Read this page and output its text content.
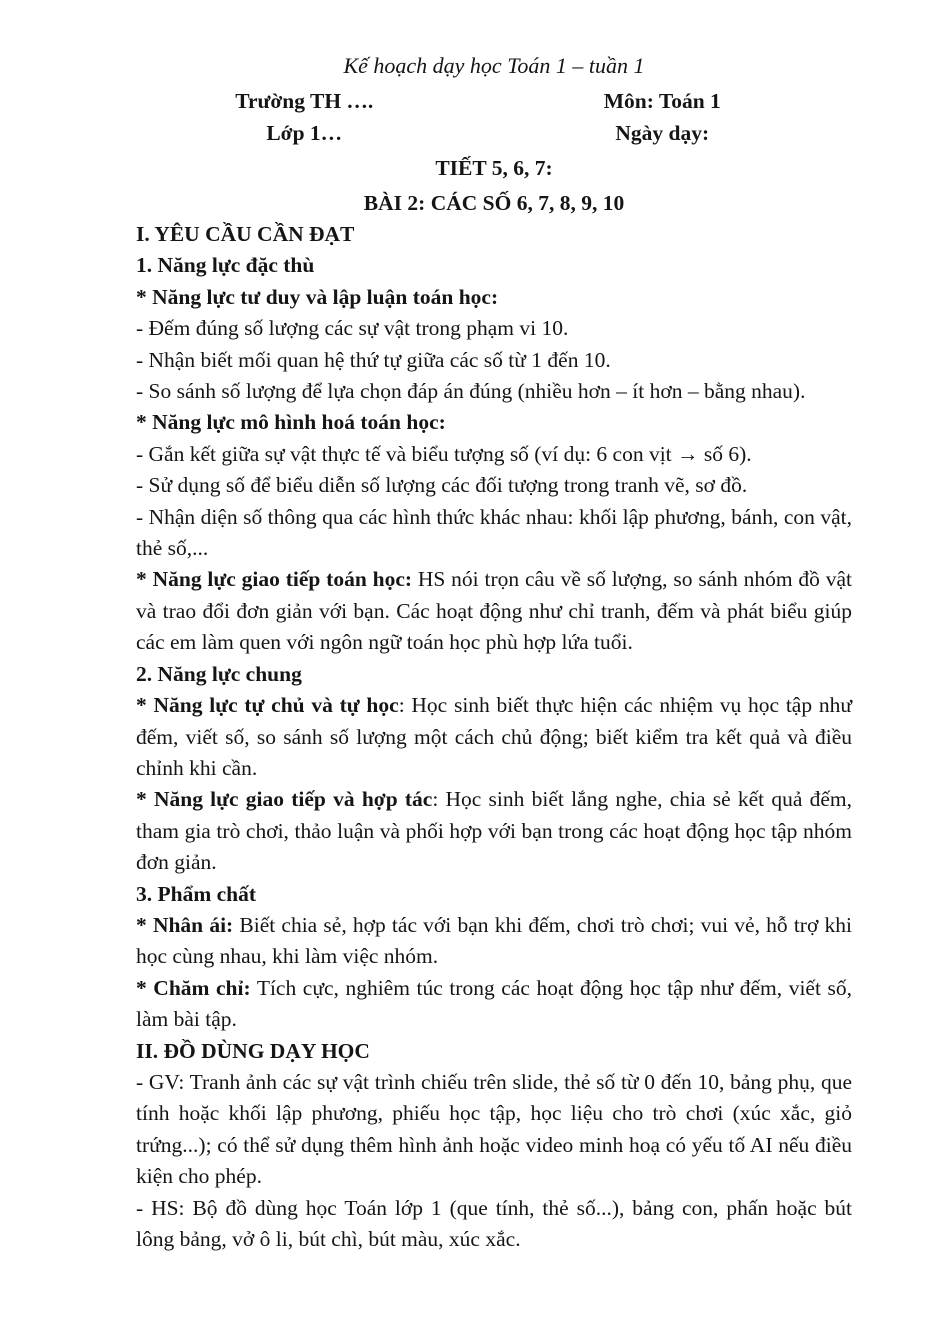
Kế hoạch dạy học Toán 1 – tuần 1

Trường TH ….

Lớp 1…

Môn: Toán 1

Ngày dạy:

TIẾT 5, 6, 7:

BÀI 2: CÁC SỐ 6, 7, 8, 9, 10

I. YÊU CẦU CẦN ĐẠT

1. Năng lực đặc thù

* Năng lực tư duy và lập luận toán học:

- Đếm đúng số lượng các sự vật trong phạm vi 10.

- Nhận biết mối quan hệ thứ tự giữa các số từ 1 đến 10.

- So sánh số lượng để lựa chọn đáp án đúng (nhiều hơn – ít hơn – bằng nhau).

* Năng lực mô hình hoá toán học:

- Gắn kết giữa sự vật thực tế và biểu tượng số (ví dụ: 6 con vịt → số 6).

- Sử dụng số để biểu diễn số lượng các đối tượng trong tranh vẽ, sơ đồ.

- Nhận diện số thông qua các hình thức khác nhau: khối lập phương, bánh, con vật, thẻ số,...

* Năng lực giao tiếp toán học: HS nói trọn câu về số lượng, so sánh nhóm đồ vật và trao đổi đơn giản với bạn. Các hoạt động như chỉ tranh, đếm và phát biểu giúp các em làm quen với ngôn ngữ toán học phù hợp lứa tuổi.

2. Năng lực chung

* Năng lực tự chủ và tự học: Học sinh biết thực hiện các nhiệm vụ học tập như đếm, viết số, so sánh số lượng một cách chủ động; biết kiểm tra kết quả và điều chỉnh khi cần.

* Năng lực giao tiếp và hợp tác: Học sinh biết lắng nghe, chia sẻ kết quả đếm, tham gia trò chơi, thảo luận và phối hợp với bạn trong các hoạt động học tập nhóm đơn giản.

3. Phẩm chất

* Nhân ái: Biết chia sẻ, hợp tác với bạn khi đếm, chơi trò chơi; vui vẻ, hỗ trợ khi học cùng nhau, khi làm việc nhóm.

* Chăm chỉ: Tích cực, nghiêm túc trong các hoạt động học tập như đếm, viết số, làm bài tập.

II. ĐỒ DÙNG DẠY HỌC

- GV: Tranh ảnh các sự vật trình chiếu trên slide, thẻ số từ 0 đến 10, bảng phụ, que tính hoặc khối lập phương, phiếu học tập, học liệu cho trò chơi (xúc xắc, giỏ trứng...); có thể sử dụng thêm hình ảnh hoặc video minh hoạ có yếu tố AI nếu điều kiện cho phép.

- HS: Bộ đồ dùng học Toán lớp 1 (que tính, thẻ số...), bảng con, phấn hoặc bút lông bảng, vở ô li, bút chì, bút màu, xúc xắc.
